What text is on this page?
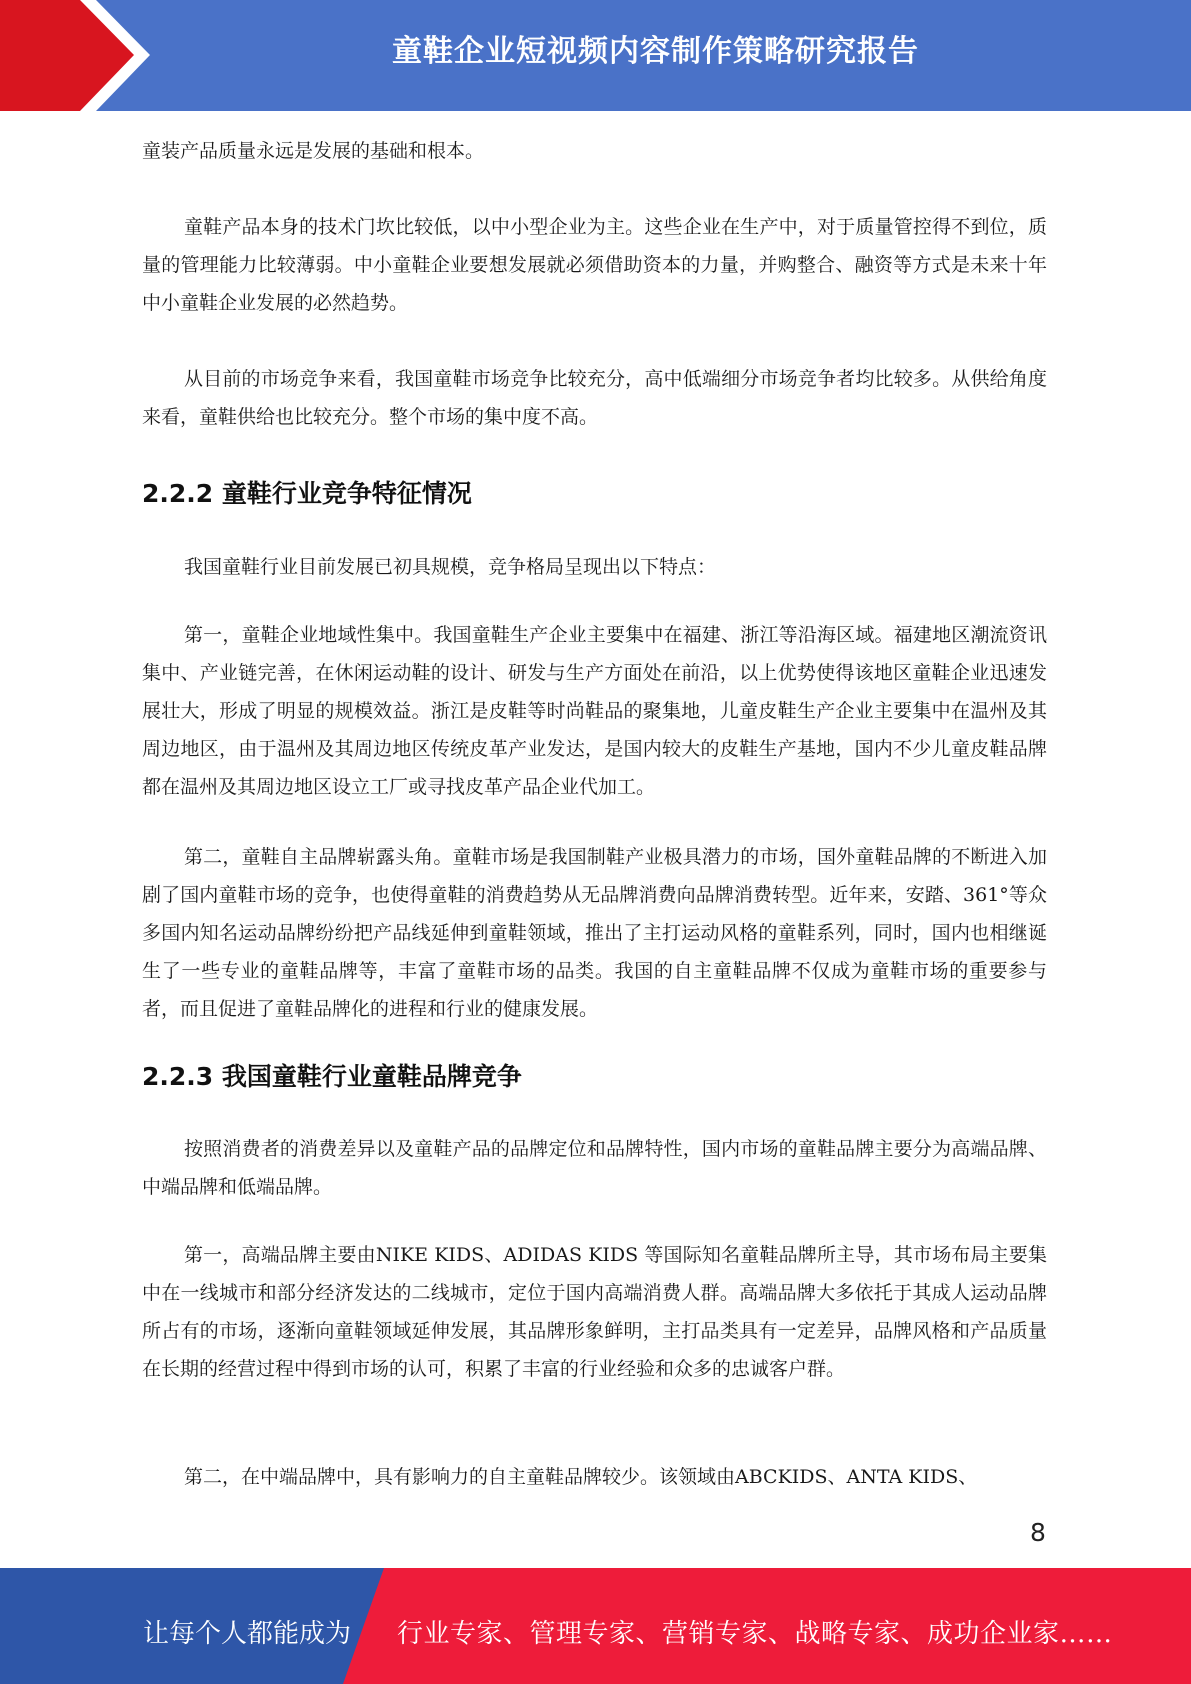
童鞋企业短视频内容制作策略研究报告

童装产品质量永远是发展的基础和根本。

童鞋产品本身的技术门坎比较低，以中小型企业为主。这些企业在生产中，对于质量管控得不到位，质量的管理能力比较薄弱。中小童鞋企业要想发展就必须借助资本的力量，并购整合、融资等方式是未来十年中小童鞋企业发展的必然趋势。

从目前的市场竞争来看，我国童鞋市场竞争比较充分，高中低端细分市场竞争者均比较多。从供给角度来看，童鞋供给也比较充分。整个市场的集中度不高。

2.2.2 童鞋行业竞争特征情况

我国童鞋行业目前发展已初具规模，竞争格局呈现出以下特点：

第一，童鞋企业地域性集中。我国童鞋生产企业主要集中在福建、浙江等沿海区域。福建地区潮流资讯集中、产业链完善，在休闲运动鞋的设计、研发与生产方面处在前沿，以上优势使得该地区童鞋企业迅速发展壮大，形成了明显的规模效益。浙江是皮鞋等时尚鞋品的聚集地，儿童皮鞋生产企业主要集中在温州及其周边地区，由于温州及其周边地区传统皮革产业发达，是国内较大的皮鞋生产基地，国内不少儿童皮鞋品牌都在温州及其周边地区设立工厂或寻找皮革产品企业代加工。

第二，童鞋自主品牌崭露头角。童鞋市场是我国制鞋产业极具潜力的市场，国外童鞋品牌的不断进入加剧了国内童鞋市场的竞争，也使得童鞋的消费趋势从无品牌消费向品牌消费转型。近年来，安踏、361°等众多国内知名运动品牌纷纷把产品线延伸到童鞋领域，推出了主打运动风格的童鞋系列，同时，国内也相继诞生了一些专业的童鞋品牌等，丰富了童鞋市场的品类。我国的自主童鞋品牌不仅成为童鞋市场的重要参与者，而且促进了童鞋品牌化的进程和行业的健康发展。

2.2.3 我国童鞋行业童鞋品牌竞争

按照消费者的消费差异以及童鞋产品的品牌定位和品牌特性，国内市场的童鞋品牌主要分为高端品牌、中端品牌和低端品牌。

第一，高端品牌主要由NIKE KIDS、ADIDAS KIDS 等国际知名童鞋品牌所主导，其市场布局主要集中在一线城市和部分经济发达的二线城市，定位于国内高端消费人群。高端品牌大多依托于其成人运动品牌所占有的市场，逐渐向童鞋领域延伸发展，其品牌形象鲜明，主打品类具有一定差异，品牌风格和产品质量在长期的经营过程中得到市场的认可，积累了丰富的行业经验和众多的忠诚客户群。

第二，在中端品牌中，具有影响力的自主童鞋品牌较少。该领域由ABCKIDS、ANTA KIDS、

8
让每个人都能成为 行业专家、管理专家、营销专家、战略专家、成功企业家……
